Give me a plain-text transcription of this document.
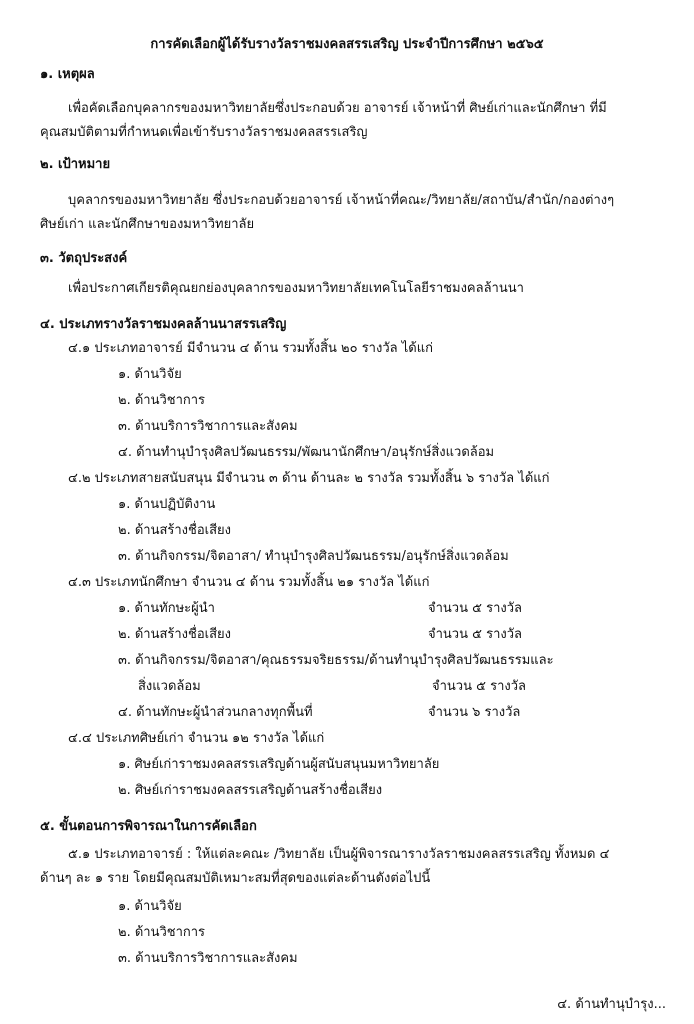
การคัดเลือกผู้ได้รับรางวัลราชมงคลสรรเสริญ ประจำปีการศึกษา ๒๕๖๕
๑. เหตุผล
เพื่อคัดเลือกบุคลากรของมหาวิทยาลัยซึ่งประกอบด้วย อาจารย์ เจ้าหน้าที่ ศิษย์เก่าและนักศึกษา ที่มี
คุณสมบัติตามที่กำหนดเพื่อเข้ารับรางวัลราชมงคลสรรเสริญ
๒. เป้าหมาย
บุคลากรของมหาวิทยาลัย ซึ่งประกอบด้วยอาจารย์ เจ้าหน้าที่คณะ/วิทยาลัย/สถาบัน/สำนัก/กองต่างๆ
ศิษย์เก่า และนักศึกษาของมหาวิทยาลัย
๓. วัตถุประสงค์
เพื่อประกาศเกียรติคุณยกย่องบุคลากรของมหาวิทยาลัยเทคโนโลยีราชมงคลล้านนา
๔. ประเภทรางวัลราชมงคลล้านนาสรรเสริญ
๔.๑ ประเภทอาจารย์ มีจำนวน ๔ ด้าน รวมทั้งสิ้น ๒๐ รางวัล ได้แก่
๑. ด้านวิจัย
๒. ด้านวิชาการ
๓. ด้านบริการวิชาการและสังคม
๔. ด้านทำนุบำรุงศิลปวัฒนธรรม/พัฒนานักศึกษา/อนุรักษ์สิ่งแวดล้อม
๔.๒ ประเภทสายสนับสนุน มีจำนวน ๓ ด้าน ด้านละ ๒ รางวัล รวมทั้งสิ้น ๖ รางวัล ได้แก่
๑. ด้านปฏิบัติงาน
๒. ด้านสร้างชื่อเสียง
๓. ด้านกิจกรรม/จิตอาสา/ ทำนุบำรุงศิลปวัฒนธรรม/อนุรักษ์สิ่งแวดล้อม
๔.๓ ประเภทนักศึกษา จำนวน ๔ ด้าน รวมทั้งสิ้น ๒๑ รางวัล ได้แก่
๑. ด้านทักษะผู้นำ	จำนวน ๕ รางวัล
๒. ด้านสร้างชื่อเสียง	จำนวน ๕ รางวัล
๓. ด้านกิจกรรม/จิตอาสา/คุณธรรมจริยธรรม/ด้านทำนุบำรุงศิลปวัฒนธรรมและ
สิ่งแวดล้อม	จำนวน ๕ รางวัล
๔. ด้านทักษะผู้นำส่วนกลางทุกพื้นที่	จำนวน ๖ รางวัล
๔.๔ ประเภทศิษย์เก่า จำนวน ๑๒ รางวัล ได้แก่
๑. ศิษย์เก่าราชมงคลสรรเสริญด้านผู้สนับสนุนมหาวิทยาลัย
๒. ศิษย์เก่าราชมงคลสรรเสริญด้านสร้างชื่อเสียง
๕. ขั้นตอนการพิจารณาในการคัดเลือก
๕.๑ ประเภทอาจารย์ : ให้แต่ละคณะ /วิทยาลัย เป็นผู้พิจารณารางวัลราชมงคลสรรเสริญ ทั้งหมด ๔
ด้านๆ ละ ๑ ราย โดยมีคุณสมบัติเหมาะสมที่สุดของแต่ละด้านดังต่อไปนี้
๑. ด้านวิจัย
๒. ด้านวิชาการ
๓. ด้านบริการวิชาการและสังคม
๔. ด้านทำนุบำรุง...
